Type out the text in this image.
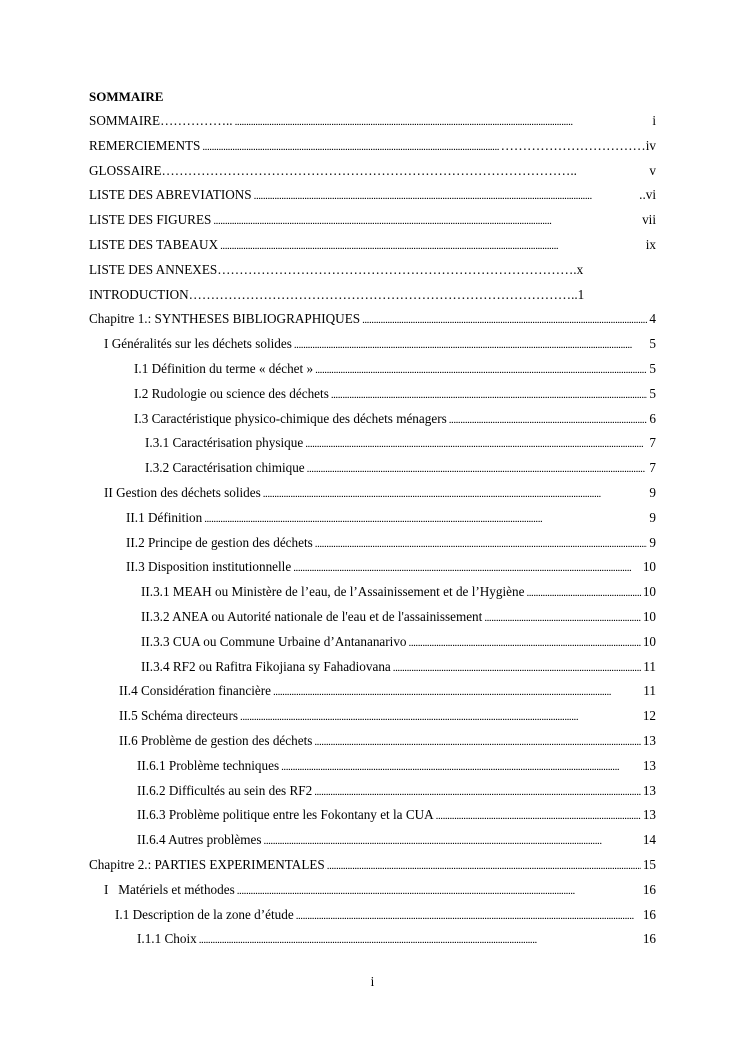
SOMMAIRE
SOMMAIRE…………….. . . .	i
REMERCIEMENTS . . .	……………………………iv
GLOSSAIRE…………………………………………………………………………………..	v
LISTE DES ABREVIATIONS . . .	..vi
LISTE DES FIGURES . . .	vii
LISTE DES TABEAUX . . .	ix
LISTE DES ANNEXES……………………………………………………………………….x
INTRODUCTION……………………………………………………………………………..1
Chapitre 1.: SYNTHESES BIBLIOGRAPHIQUES . . .	4
I Généralités sur les déchets solides . . .	5
I.1 Définition du terme « déchet » . . .	5
I.2 Rudologie ou science des déchets . . .	5
I.3 Caractéristique physico-chimique des déchets ménagers . . .	6
I.3.1 Caractérisation physique . . .	7
I.3.2 Caractérisation chimique . . .	7
II Gestion des déchets solides . . .	9
II.1 Définition . . .	9
II.2 Principe de gestion des déchets . . .	9
II.3 Disposition institutionnelle . . .	10
II.3.1 MEAH ou Ministère de l’eau, de l’Assainissement et de l’Hygiène . . .	10
II.3.2 ANEA ou Autorité nationale de l'eau et de l'assainissement . . .	10
II.3.3 CUA ou Commune Urbaine d’Antananarivo . . .	10
II.3.4 RF2 ou Rafitra Fikojiana sy Fahadiovana . . .	11
II.4 Considération financière . . .	11
II.5 Schéma directeurs . . .	12
II.6 Problème de gestion des déchets . . .	13
II.6.1 Problème techniques . . .	13
II.6.2 Difficultés au sein des RF2 . . .	13
II.6.3 Problème politique entre les Fokontany et la CUA . . .	13
II.6.4 Autres problèmes . . .	14
Chapitre 2.: PARTIES EXPERIMENTALES . . .	15
I   Matériels et méthodes . . .	16
I.1 Description de la zone d’étude . . .	16
I.1.1 Choix . . .	16
i
